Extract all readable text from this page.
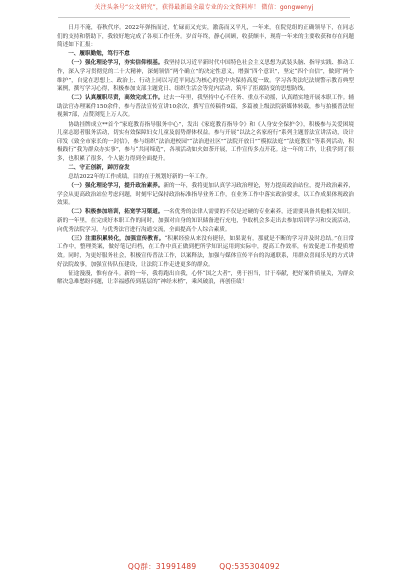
关注头条号“公文研究”，获得最新最全最专业的公文资料库！ 微信：gongwenyj

日月不淹，春秋代序。2022年弹指而过，忙碌而又充实，激荡而又平凡，一年来，在院党组的正确领导下，在同志们的支持和帮助下，我较好地完成了各项工作任务。岁首年终，静心回顾，收获颇丰，现将一年来的主要收获和存在问题简述如下汇报：

一、履职勤勉，笃行不怠

（一）强化理论学习，夯实信仰根基。我坚持以习近平新时代中国特色社会主义思想为武装头脑、指导实践、推动工作，深入学习贯彻党的二十大精神，深刻领悟“两个确立”的决定性意义，增强“四个意识”，坚定“四个自信”，做到“两个维护”，自觉在思想上、政治上、行动上同以习近平同志为核心的党中央保持高度一致。学习各类法纪法规警示教育典型案例，撰写学习心得，积极参加支部主题党日、组织生活会等党内活动，筑牢了拒腐防变的思想防线。

（二）认真履职尽责，高效完成工作。过去一年里，我坚持中心不任务、重点不动摇，认真踏实地开展本职工作。辅助法官办理案件150余件，参与普法宣传宣讲10余次，撰写宣传稿件9篇，多篇被上级法院新媒体转载，参与拍摄普法短视频7部，点赞浏览上万人次。

协助挂牌成立**首个“家庭教育指导服务中心”，发出《家庭教育指导令》和《人身安全保护令》，积极参与关爱困境儿童志愿者服务活动，切实有效保障妇女儿童及弱势群体权益。参与开展“以法之名家府行”系列主题普法宣讲活动，设计印发《致全市家长的一封信》，参与组织“法治进校园”“法治进社区”“法院开放日”“模拟法庭”“法庭教室”等系列活动，积极践行“我为群众办实事”，参与“共同缔造”，各项活动如火如荼开展，工作宣传多点开花。这一年的工作，让我学到了很多，也积累了很多，个人能力得到全面提升。

二、守正创新，踔厉奋发

总结2022年的工作成绩，目的在于规划好新的一年工作。

（一）强化理论学习，提升政治素养。新的一年，我将更加认真学习政治理论，努力提高政治站位，提升政治素养，学会从更高政治站位考虑问题，时刻牢记保持政治标准指导业务工作，在业务工作中落实政治要求，以工作成果体现政治效果。

（二）积极参加培训，拓宽学习渠道。一名优秀的法律人需要的不仅是过硬的专业素养，还需要具备其他相关知识。新的一年里，在完成好本职工作的同时，加强对自身的知识储备进行充电，争取机会多走出去参加培训学习和交流活动，向优秀法院学习，与优秀法官进行沟通交流，全面提高个人综合素质。

（三）注重积累转化，加强宣传教育。“积累经验从来没有捷径，如果说有，那就是不断的学习并及时总结。”在日常工作中，整理类案，做好笔记归档，在工作中真正做到把所学知识运用到实际中，提高工作效率，有效促进工作提质增效。同时，为更好服务社会，积极宣传普法工作，以案释法，加强与媒体宣传平台的沟通联系，用群众喜闻乐见的方式讲好法院故事，加强宣传队伍建设，让法院工作走进更多的群众。

征途漫漫，惟有奋斗。新的一年，我将跑出自我，心怀“国之大者”，勇于担当，甘于奉献，把好案件质量关，为群众解决急难愁盼问题，让幸福感传到基层的“神经末梢”，乘风破浪，再创佳绩！

QQ群：31991489	QQ:535304092
